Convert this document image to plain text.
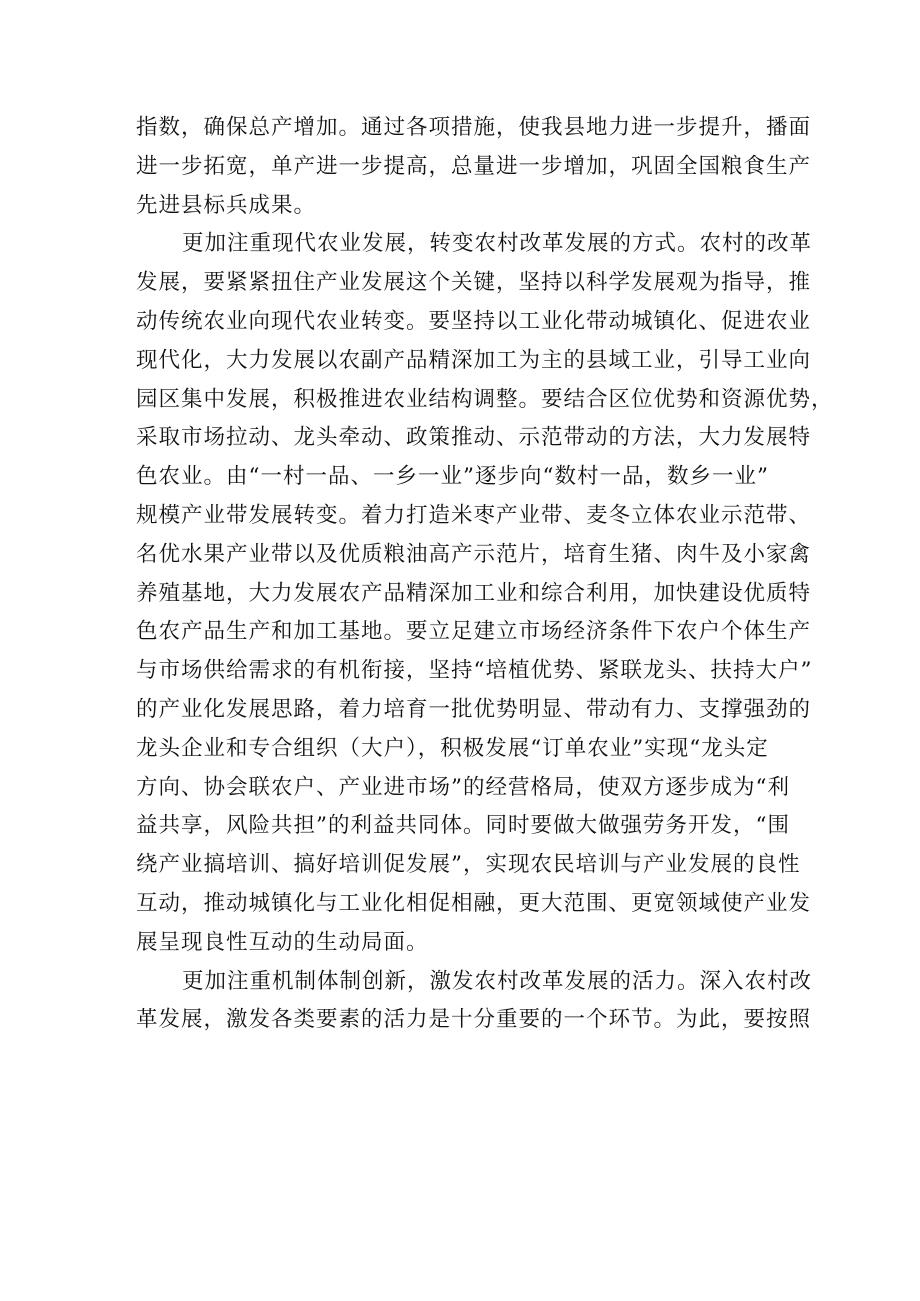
指数，确保总产增加。通过各项措施，使我县地力进一步提升，播面
进一步拓宽，单产进一步提高，总量进一步增加，巩固全国粮食生产
先进县标兵成果。
更加注重现代农业发展，转变农村改革发展的方式。农村的改革
发展，要紧紧扭住产业发展这个关键，坚持以科学发展观为指导，推
动传统农业向现代农业转变。要坚持以工业化带动城镇化、促进农业
现代化，大力发展以农副产品精深加工为主的县域工业，引导工业向
园区集中发展，积极推进农业结构调整。要结合区位优势和资源优势，
采取市场拉动、龙头牵动、政策推动、示范带动的方法，大力发展特
色农业。由“一村一品、一乡一业”逐步向“数村一品，数乡一业”
规模产业带发展转变。着力打造米枣产业带、麦冬立体农业示范带、
名优水果产业带以及优质粮油高产示范片，培育生猪、肉牛及小家禽
养殖基地，大力发展农产品精深加工业和综合利用，加快建设优质特
色农产品生产和加工基地。要立足建立市场经济条件下农户个体生产
与市场供给需求的有机衔接，坚持“培植优势、紧联龙头、扶持大户”
的产业化发展思路，着力培育一批优势明显、带动有力、支撑强劲的
龙头企业和专合组织（大户），积极发展“订单农业”实现“龙头定
方向、协会联农户、产业进市场”的经营格局，使双方逐步成为“利
益共享，风险共担”的利益共同体。同时要做大做强劳务开发，“围
绕产业搞培训、搞好培训促发展”，实现农民培训与产业发展的良性
互动，推动城镇化与工业化相促相融，更大范围、更宽领域使产业发
展呈现良性互动的生动局面。
更加注重机制体制创新，激发农村改革发展的活力。深入农村改
革发展，激发各类要素的活力是十分重要的一个环节。为此，要按照
